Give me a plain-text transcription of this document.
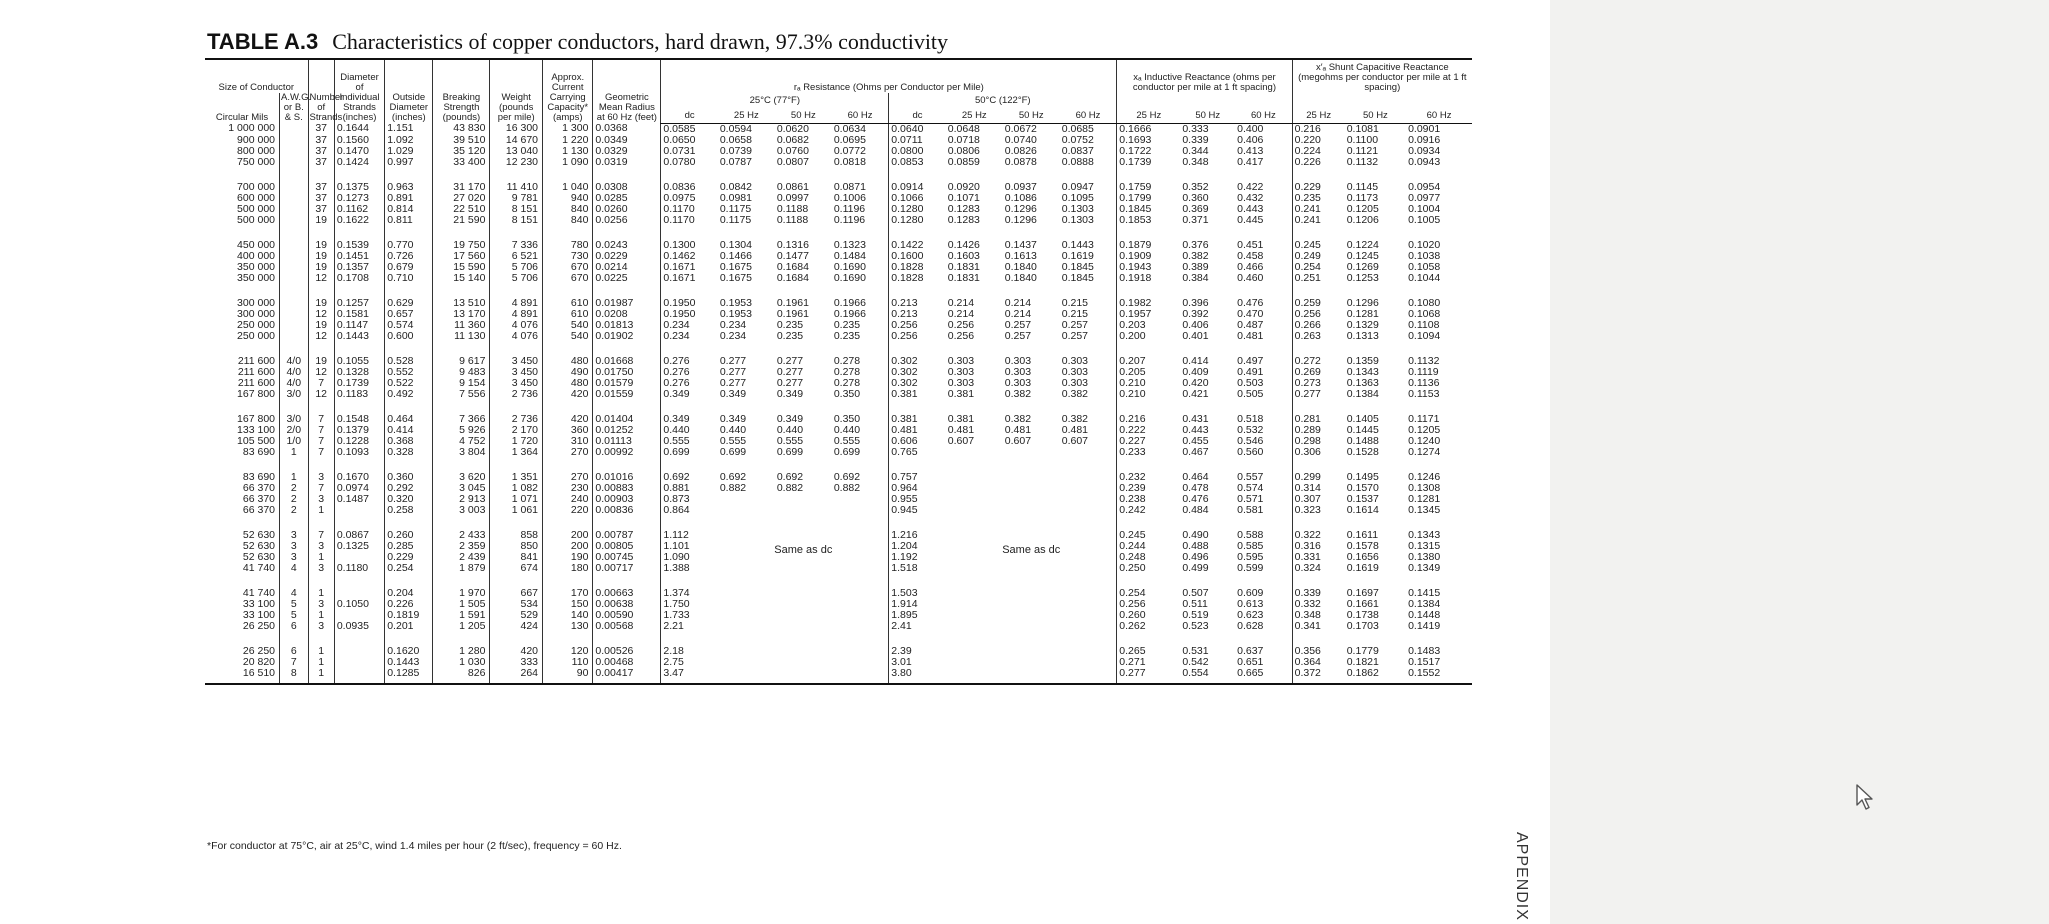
TABLE A.3 Characteristics of copper conductors, hard drawn, 97.3% conductivity
Size of Conductor		Number of Strands	Diameter of Individual Strands (inches)	Outside Diameter (inches)	Breaking Strength (pounds)	Weight (pounds per mile)	Approx. Current Carrying Capacity* (amps)	Geometric Mean Radius at 60 Hz (feet)	rₐ Resistance (Ohms per Conductor per Mile)								xₐ Inductive Reactance (ohms per conductor per mile at 1 ft spacing)			x′ₐ Shunt Capacitive Reactance (megohms per conductor per mile at 1 ft spacing)		
Circular Mils	A.W.G. or B. & S.								25°C (77°F)				50°C (122°F)									
									dc	25 Hz	50 Hz	60 Hz	dc	25 Hz	50 Hz	60 Hz	25 Hz	50 Hz	60 Hz	25 Hz	50 Hz	60 Hz
1 000 000		37	0.1644	1.151	43 830	16 300	1 300	0.0368	0.0585	0.0594	0.0620	0.0634	0.0640	0.0648	0.0672	0.0685	0.1666	0.333	0.400	0.216	0.1081	0.0901
900 000		37	0.1560	1.092	39 510	14 670	1 220	0.0349	0.0650	0.0658	0.0682	0.0695	0.0711	0.0718	0.0740	0.0752	0.1693	0.339	0.406	0.220	0.1100	0.0916
800 000		37	0.1470	1.029	35 120	13 040	1 130	0.0329	0.0731	0.0739	0.0760	0.0772	0.0800	0.0806	0.0826	0.0837	0.1722	0.344	0.413	0.224	0.1121	0.0934
750 000		37	0.1424	0.997	33 400	12 230	1 090	0.0319	0.0780	0.0787	0.0807	0.0818	0.0853	0.0859	0.0878	0.0888	0.1739	0.348	0.417	0.226	0.1132	0.0943
700 000		37	0.1375	0.963	31 170	11 410	1 040	0.0308	0.0836	0.0842	0.0861	0.0871	0.0914	0.0920	0.0937	0.0947	0.1759	0.352	0.422	0.229	0.1145	0.0954
600 000		37	0.1273	0.891	27 020	9 781	940	0.0285	0.0975	0.0981	0.0997	0.1006	0.1066	0.1071	0.1086	0.1095	0.1799	0.360	0.432	0.235	0.1173	0.0977
500 000		37	0.1162	0.814	22 510	8 151	840	0.0260	0.1170	0.1175	0.1188	0.1196	0.1280	0.1283	0.1296	0.1303	0.1845	0.369	0.443	0.241	0.1205	0.1004
500 000		19	0.1622	0.811	21 590	8 151	840	0.0256	0.1170	0.1175	0.1188	0.1196	0.1280	0.1283	0.1296	0.1303	0.1853	0.371	0.445	0.241	0.1206	0.1005
450 000		19	0.1539	0.770	19 750	7 336	780	0.0243	0.1300	0.1304	0.1316	0.1323	0.1422	0.1426	0.1437	0.1443	0.1879	0.376	0.451	0.245	0.1224	0.1020
400 000		19	0.1451	0.726	17 560	6 521	730	0.0229	0.1462	0.1466	0.1477	0.1484	0.1600	0.1603	0.1613	0.1619	0.1909	0.382	0.458	0.249	0.1245	0.1038
350 000		19	0.1357	0.679	15 590	5 706	670	0.0214	0.1671	0.1675	0.1684	0.1690	0.1828	0.1831	0.1840	0.1845	0.1943	0.389	0.466	0.254	0.1269	0.1058
350 000		12	0.1708	0.710	15 140	5 706	670	0.0225	0.1671	0.1675	0.1684	0.1690	0.1828	0.1831	0.1840	0.1845	0.1918	0.384	0.460	0.251	0.1253	0.1044
300 000		19	0.1257	0.629	13 510	4 891	610	0.01987	0.1950	0.1953	0.1961	0.1966	0.213	0.214	0.214	0.215	0.1982	0.396	0.476	0.259	0.1296	0.1080
300 000		12	0.1581	0.657	13 170	4 891	610	0.0208	0.1950	0.1953	0.1961	0.1966	0.213	0.214	0.214	0.215	0.1957	0.392	0.470	0.256	0.1281	0.1068
250 000		19	0.1147	0.574	11 360	4 076	540	0.01813	0.234	0.234	0.235	0.235	0.256	0.256	0.257	0.257	0.203	0.406	0.487	0.266	0.1329	0.1108
250 000		12	0.1443	0.600	11 130	4 076	540	0.01902	0.234	0.234	0.235	0.235	0.256	0.256	0.257	0.257	0.200	0.401	0.481	0.263	0.1313	0.1094
211 600	4/0	19	0.1055	0.528	9 617	3 450	480	0.01668	0.276	0.277	0.277	0.278	0.302	0.303	0.303	0.303	0.207	0.414	0.497	0.272	0.1359	0.1132
211 600	4/0	12	0.1328	0.552	9 483	3 450	490	0.01750	0.276	0.277	0.277	0.278	0.302	0.303	0.303	0.303	0.205	0.409	0.491	0.269	0.1343	0.1119
211 600	4/0	7	0.1739	0.522	9 154	3 450	480	0.01579	0.276	0.277	0.277	0.278	0.302	0.303	0.303	0.303	0.210	0.420	0.503	0.273	0.1363	0.1136
167 800	3/0	12	0.1183	0.492	7 556	2 736	420	0.01559	0.349	0.349	0.349	0.350	0.381	0.381	0.382	0.382	0.210	0.421	0.505	0.277	0.1384	0.1153
167 800	3/0	7	0.1548	0.464	7 366	2 736	420	0.01404	0.349	0.349	0.349	0.350	0.381	0.381	0.382	0.382	0.216	0.431	0.518	0.281	0.1405	0.1171
133 100	2/0	7	0.1379	0.414	5 926	2 170	360	0.01252	0.440	0.440	0.440	0.440	0.481	0.481	0.481	0.481	0.222	0.443	0.532	0.289	0.1445	0.1205
105 500	1/0	7	0.1228	0.368	4 752	1 720	310	0.01113	0.555	0.555	0.555	0.555	0.606	0.607	0.607	0.607	0.227	0.455	0.546	0.298	0.1488	0.1240
83 690	1	7	0.1093	0.328	3 804	1 364	270	0.00992	0.699	0.699	0.699	0.699	0.765				0.233	0.467	0.560	0.306	0.1528	0.1274
83 690	1	3	0.1670	0.360	3 620	1 351	270	0.01016	0.692	0.692	0.692	0.692	0.757				0.232	0.464	0.557	0.299	0.1495	0.1246
66 370	2	7	0.0974	0.292	3 045	1 082	230	0.00883	0.881	0.882	0.882	0.882	0.964				0.239	0.478	0.574	0.314	0.1570	0.1308
66 370	2	3	0.1487	0.320	2 913	1 071	240	0.00903	0.873				0.955				0.238	0.476	0.571	0.307	0.1537	0.1281
66 370	2	1		0.258	3 003	1 061	220	0.00836	0.864				0.945				0.242	0.484	0.581	0.323	0.1614	0.1345
52 630	3	7	0.0867	0.260	2 433	858	200	0.00787	1.112				1.216				0.245	0.490	0.588	0.322	0.1611	0.1343
52 630	3	3	0.1325	0.285	2 359	850	200	0.00805	1.101				1.204				0.244	0.488	0.585	0.316	0.1578	0.1315
52 630	3	1		0.229	2 439	841	190	0.00745	1.090				1.192				0.248	0.496	0.595	0.331	0.1656	0.1380
41 740	4	3	0.1180	0.254	1 879	674	180	0.00717	1.388				1.518				0.250	0.499	0.599	0.324	0.1619	0.1349
41 740	4	1		0.204	1 970	667	170	0.00663	1.374				1.503				0.254	0.507	0.609	0.339	0.1697	0.1415
33 100	5	3	0.1050	0.226	1 505	534	150	0.00638	1.750				1.914				0.256	0.511	0.613	0.332	0.1661	0.1384
33 100	5	1		0.1819	1 591	529	140	0.00590	1.733				1.895				0.260	0.519	0.623	0.348	0.1738	0.1448
26 250	6	3	0.0935	0.201	1 205	424	130	0.00568	2.21				2.41				0.262	0.523	0.628	0.341	0.1703	0.1419
26 250	6	1		0.1620	1 280	420	120	0.00526	2.18				2.39				0.265	0.531	0.637	0.356	0.1779	0.1483
20 820	7	1		0.1443	1 030	333	110	0.00468	2.75				3.01				0.271	0.542	0.651	0.364	0.1821	0.1517
16 510	8	1		0.1285	826	264	90	0.00417	3.47				3.80				0.277	0.554	0.665	0.372	0.1862	0.1552
Same as dc	Same as dc
*For conductor at 75°C, air at 25°C, wind 1.4 miles per hour (2 ft/sec), frequency = 60 Hz.	APPENDIX
